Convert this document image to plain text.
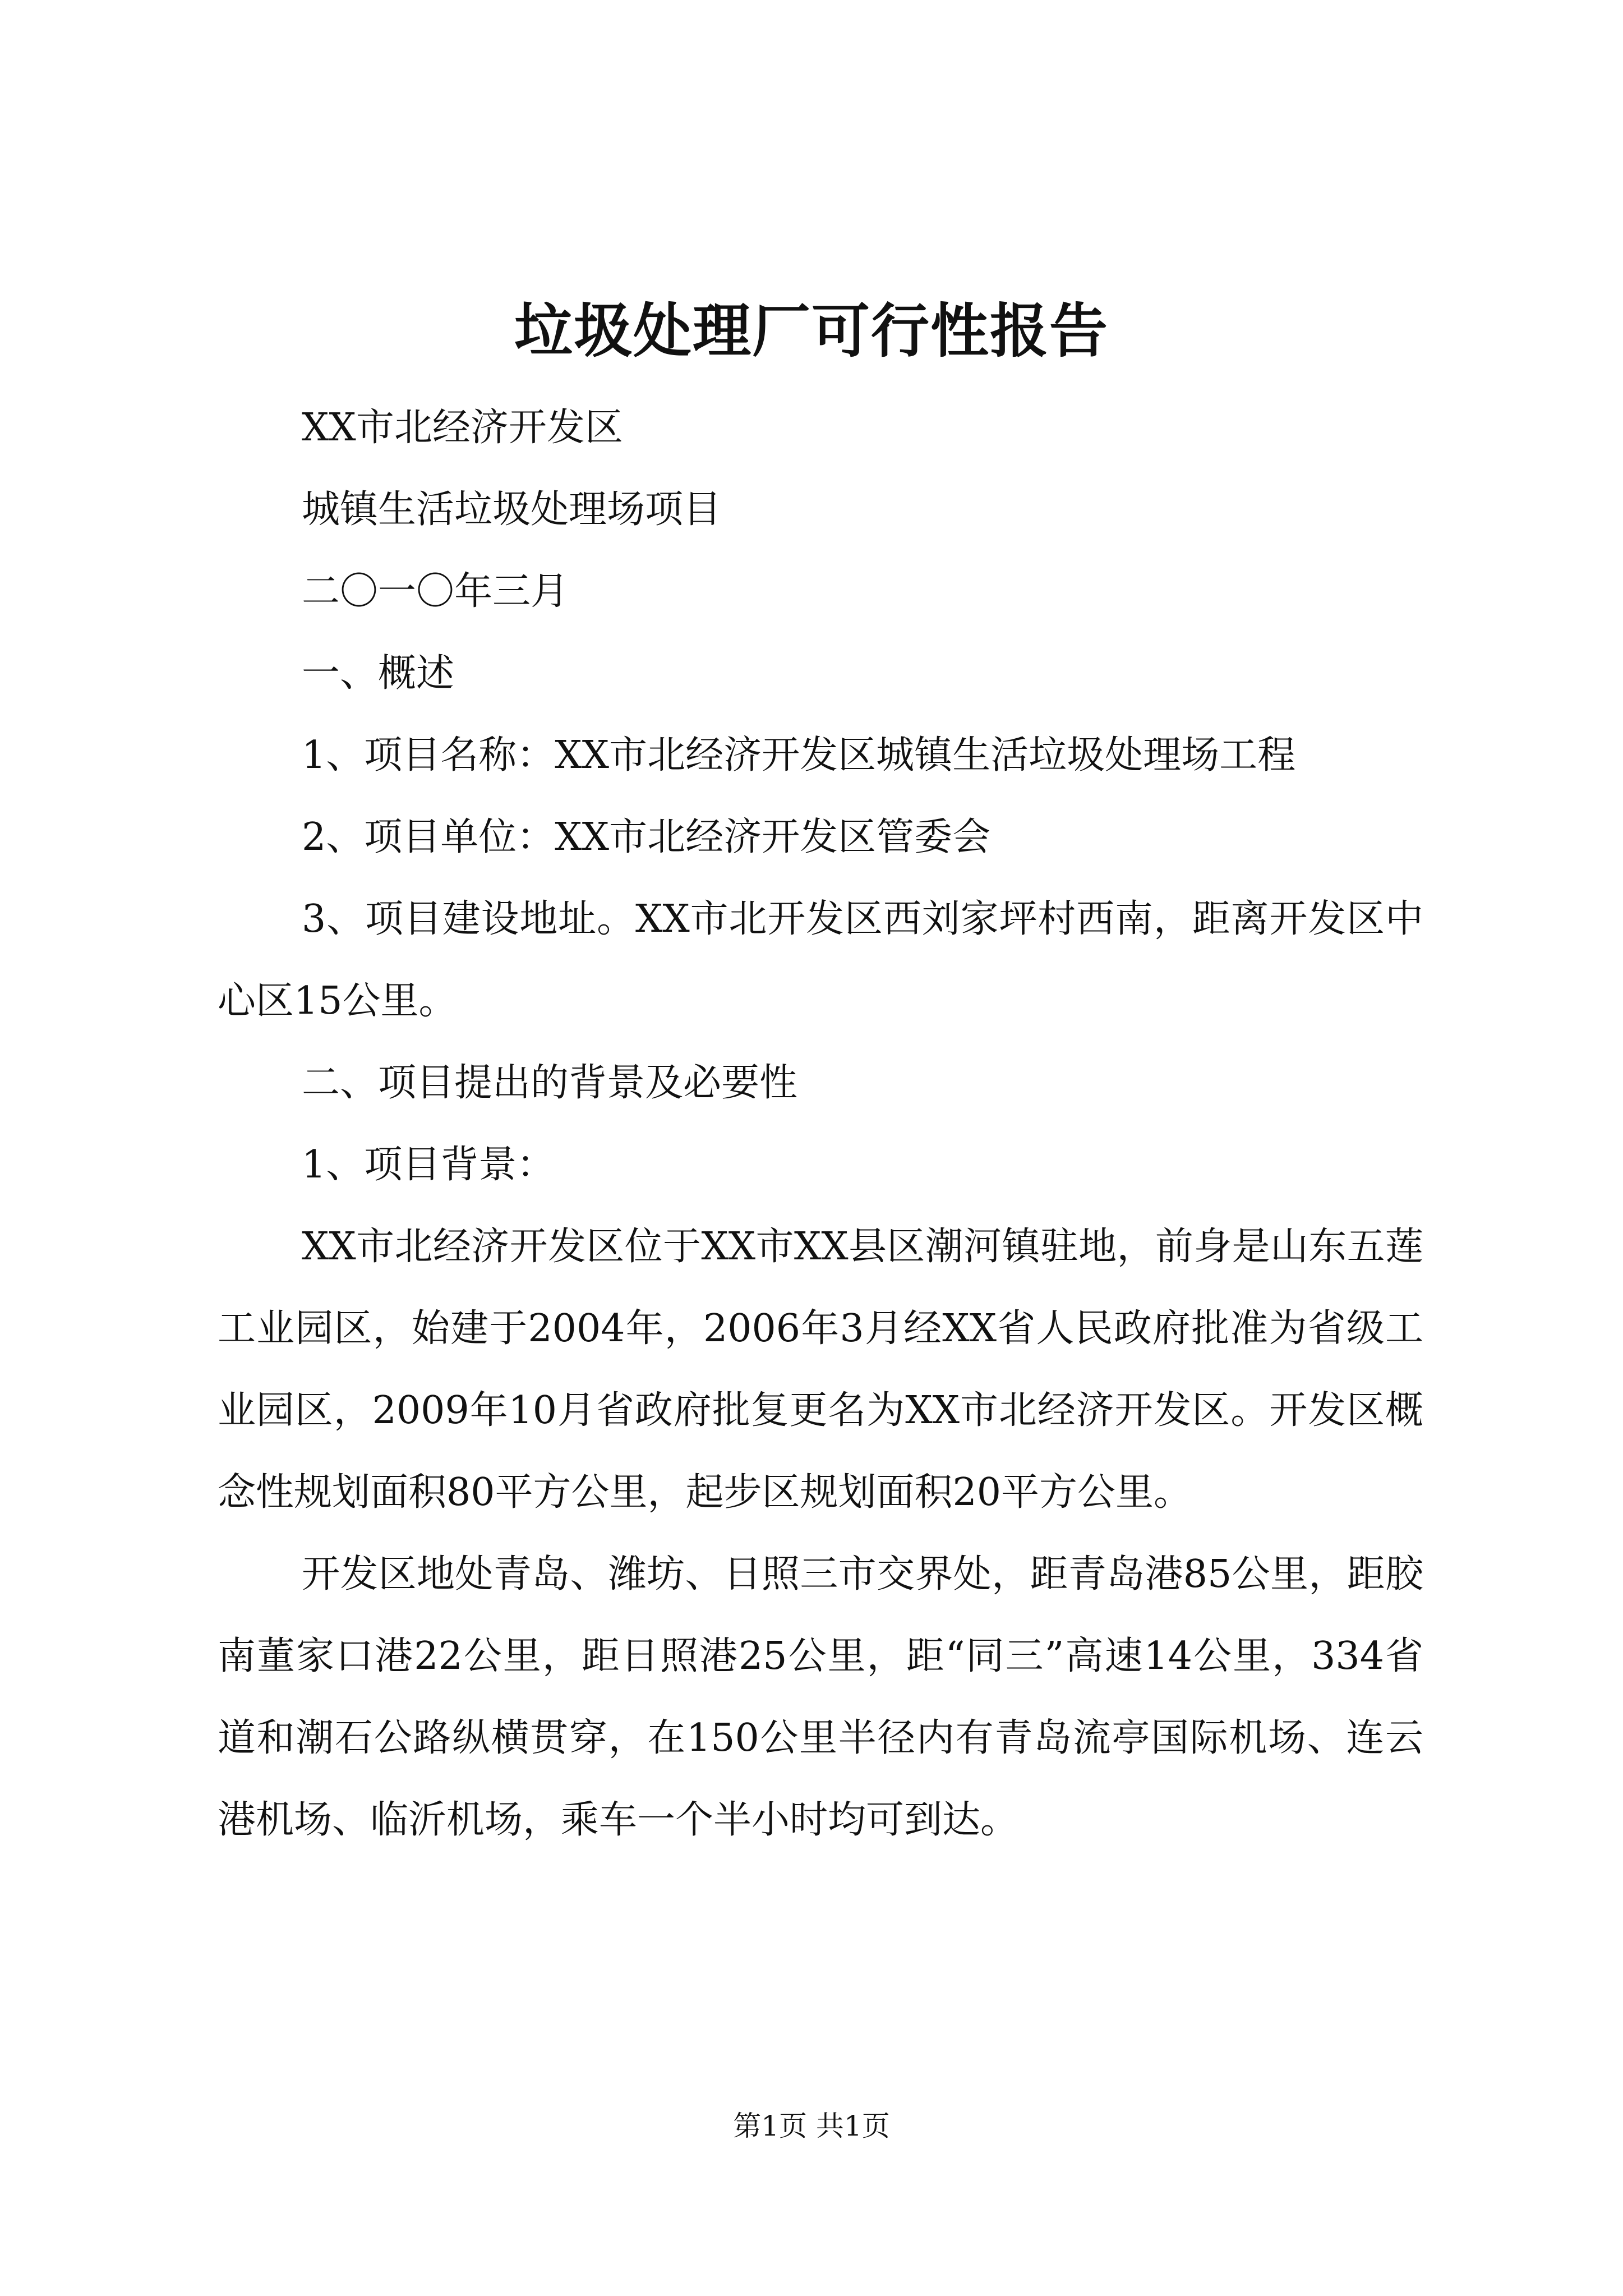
垃圾处理厂可行性报告

XX市北经济开发区

城镇生活垃圾处理场项目

二〇一〇年三月

一、概述

1、项目名称：XX市北经济开发区城镇生活垃圾处理场工程

2、项目单位：XX市北经济开发区管委会

3、项目建设地址。XX市北开发区西刘家坪村西南，距离开发区中心区15公里。

二、项目提出的背景及必要性

1、项目背景：

XX市北经济开发区位于XX市XX县区潮河镇驻地，前身是山东五莲工业园区，始建于2004年，2006年3月经XX省人民政府批准为省级工业园区，2009年10月省政府批复更名为XX市北经济开发区。开发区概念性规划面积80平方公里，起步区规划面积20平方公里。

开发区地处青岛、潍坊、日照三市交界处，距青岛港85公里，距胶南董家口港22公里，距日照港25公里，距“同三”高速14公里，334省道和潮石公路纵横贯穿，在150公里半径内有青岛流亭国际机场、连云港机场、临沂机场，乘车一个半小时均可到达。

第1页 共1页
